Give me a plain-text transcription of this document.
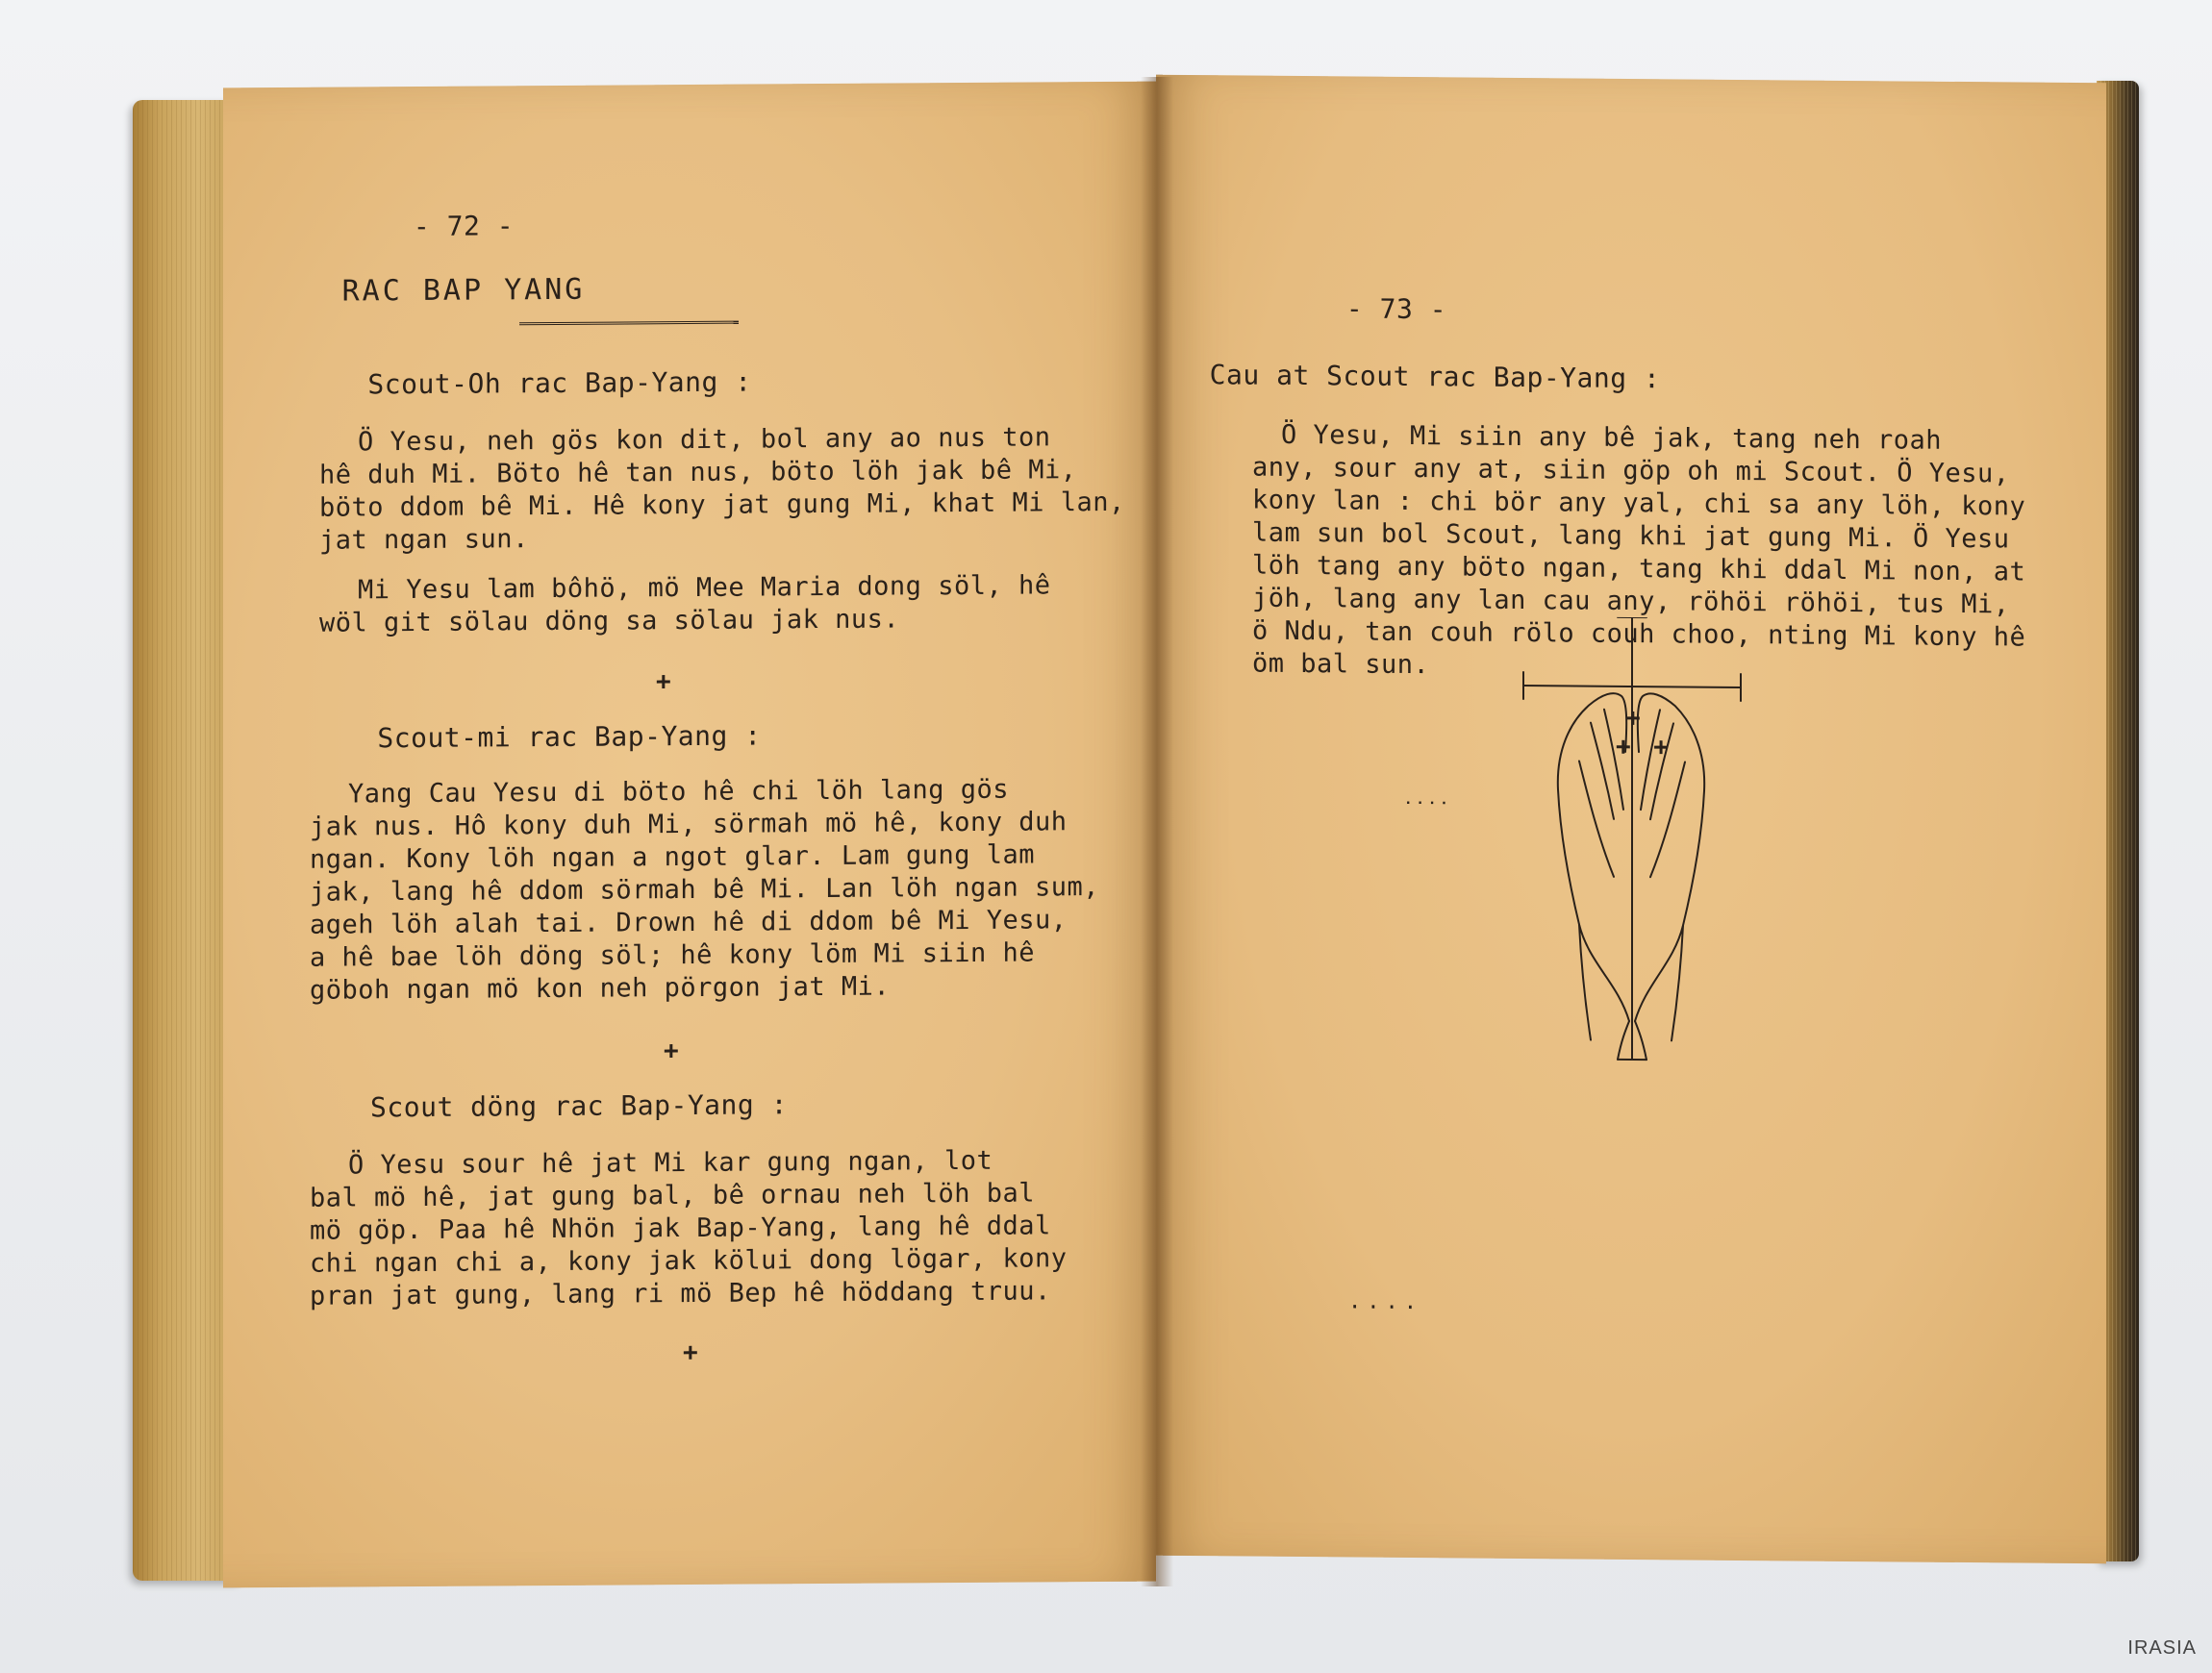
- 72 -
RAC BAP YANG
Scout-Oh rac Bap-Yang :
Ö Yesu, neh gös kon dit, bol any ao nus ton
hê duh Mi. Böto hê tan nus, böto löh jak bê Mi,
böto ddom bê Mi. Hê kony jat gung Mi, khat Mi lan,
jat ngan sun.
Mi Yesu lam bôhö, mö Mee Maria dong söl, hê
wöl git sölau döng sa sölau jak nus.
+
Scout-mi rac Bap-Yang :
Yang Cau Yesu di böto hê chi löh lang gös
jak nus. Hô kony duh Mi, sörmah mö hê, kony duh
ngan. Kony löh ngan a ngot glar. Lam gung lam
jak, lang hê ddom sörmah bê Mi. Lan löh ngan sum,
ageh löh alah tai. Drown hê di ddom bê Mi Yesu,
a hê bae löh döng söl; hê kony löm Mi siin hê
göboh ngan mö kon neh pörgon jat Mi.
+
Scout döng rac Bap-Yang :
Ö Yesu sour hê jat Mi kar gung ngan, lot
bal mö hê, jat gung bal, bê ornau neh löh bal
mö göp. Paa hê Nhön jak Bap-Yang, lang hê ddal
chi ngan chi a, kony jak kölui dong lögar, kony
pran jat gung, lang ri mö Bep hê höddang truu.
+
- 73 -
Cau at Scout rac Bap-Yang :
Ö Yesu, Mi siin any bê jak, tang neh roah
any, sour any at, siin göp oh mi Scout. Ö Yesu,
kony lan : chi bör any yal, chi sa any löh, kony
lam sun bol Scout, lang khi jat gung Mi. Ö Yesu
löh tang any böto ngan, tang khi ddal Mi non, at
jöh, lang any lan cau any, röhöi röhöi, tus Mi,
ö Ndu, tan couh rölo couh choo, nting Mi kony hê
öm bal sun.
+
+ +
....
....
IRASIA
